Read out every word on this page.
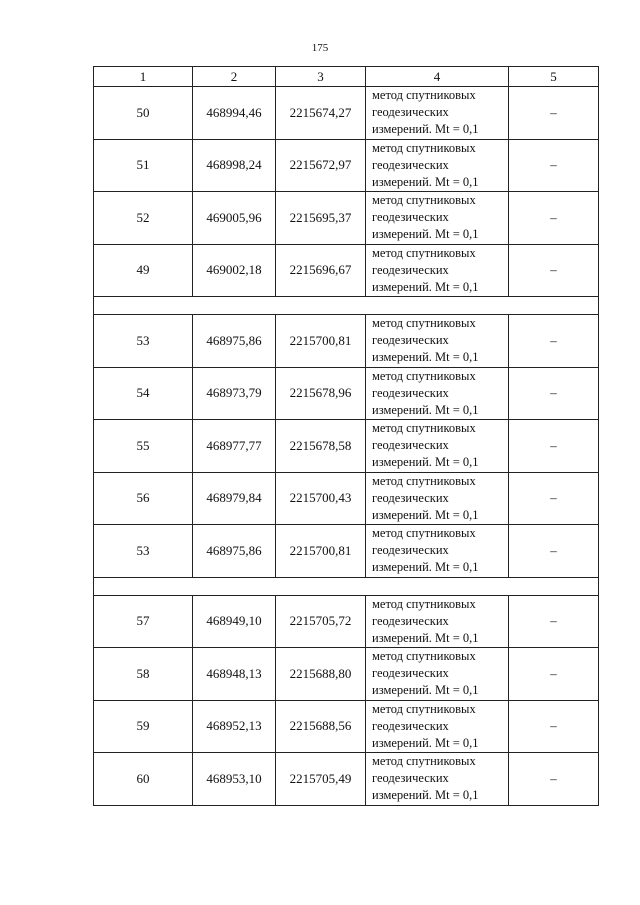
175
1	2	3	4	5
50	468994,46	2215674,27	метод спутниковых
геодезических
измерений. Mt = 0,1	–
51	468998,24	2215672,97	метод спутниковых
геодезических
измерений. Mt = 0,1	–
52	469005,96	2215695,37	метод спутниковых
геодезических
измерений. Mt = 0,1	–
49	469002,18	2215696,67	метод спутниковых
геодезических
измерений. Mt = 0,1	–

53	468975,86	2215700,81	метод спутниковых
геодезических
измерений. Mt = 0,1	–
54	468973,79	2215678,96	метод спутниковых
геодезических
измерений. Mt = 0,1	–
55	468977,77	2215678,58	метод спутниковых
геодезических
измерений. Mt = 0,1	–
56	468979,84	2215700,43	метод спутниковых
геодезических
измерений. Mt = 0,1	–
53	468975,86	2215700,81	метод спутниковых
геодезических
измерений. Mt = 0,1	–

57	468949,10	2215705,72	метод спутниковых
геодезических
измерений. Mt = 0,1	–
58	468948,13	2215688,80	метод спутниковых
геодезических
измерений. Mt = 0,1	–
59	468952,13	2215688,56	метод спутниковых
геодезических
измерений. Mt = 0,1	–
60	468953,10	2215705,49	метод спутниковых
геодезических
измерений. Mt = 0,1	–
